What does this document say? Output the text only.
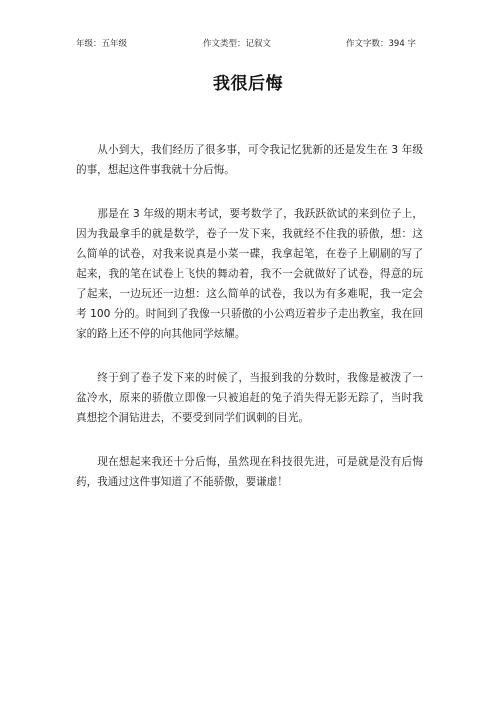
年级：五年级	作文类型：记叙文	作文字数：394 字
我很后悔

从小到大，我们经历了很多事，可令我记忆犹新的还是发生在 3 年级的事，想起这件事我就十分后悔。

那是在 3 年级的期末考试，要考数学了，我跃跃欲试的来到位子上，因为我最拿手的就是数学，卷子一发下来，我就经不住我的骄傲，想：这么简单的试卷，对我来说真是小菜一碟，我拿起笔，在卷子上刷刷的写了起来，我的笔在试卷上飞快的舞动着，我不一会就做好了试卷，得意的玩了起来，一边玩还一边想：这么简单的试卷，我以为有多难呢，我一定会考 100 分的。时间到了我像一只骄傲的小公鸡迈着步子走出教室，我在回家的路上还不停的向其他同学炫耀。

终于到了卷子发下来的时候了，当报到我的分数时，我像是被泼了一盆冷水，原来的骄傲立即像一只被追赶的兔子消失得无影无踪了，当时我真想挖个洞钻进去，不要受到同学们讽刺的目光。

现在想起来我还十分后悔，虽然现在科技很先进，可是就是没有后悔药，我通过这件事知道了不能骄傲，要谦虚！
